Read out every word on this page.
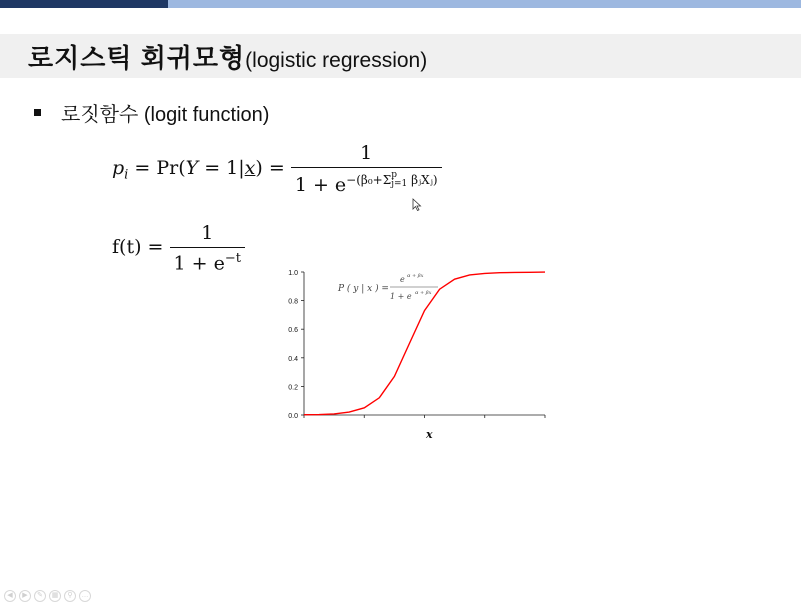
로지스틱 회귀모형(logistic regression)
로짓함수 (logit function)
$p_i = Pr(Y = 1|x) = 1$
$1 + e^{-(\beta_0+\Sigma p j=1 \beta ⱼXⱼ)}$
$f(t) = \frac{1}{1 + e^{-t}}$
0.0
0.2
0.4
0.6
0.8
1.0
P ( y | x ) =
e α + βx
1 + e α + βx
x
◀ ▶ ✎ ▦ ⚲ …
